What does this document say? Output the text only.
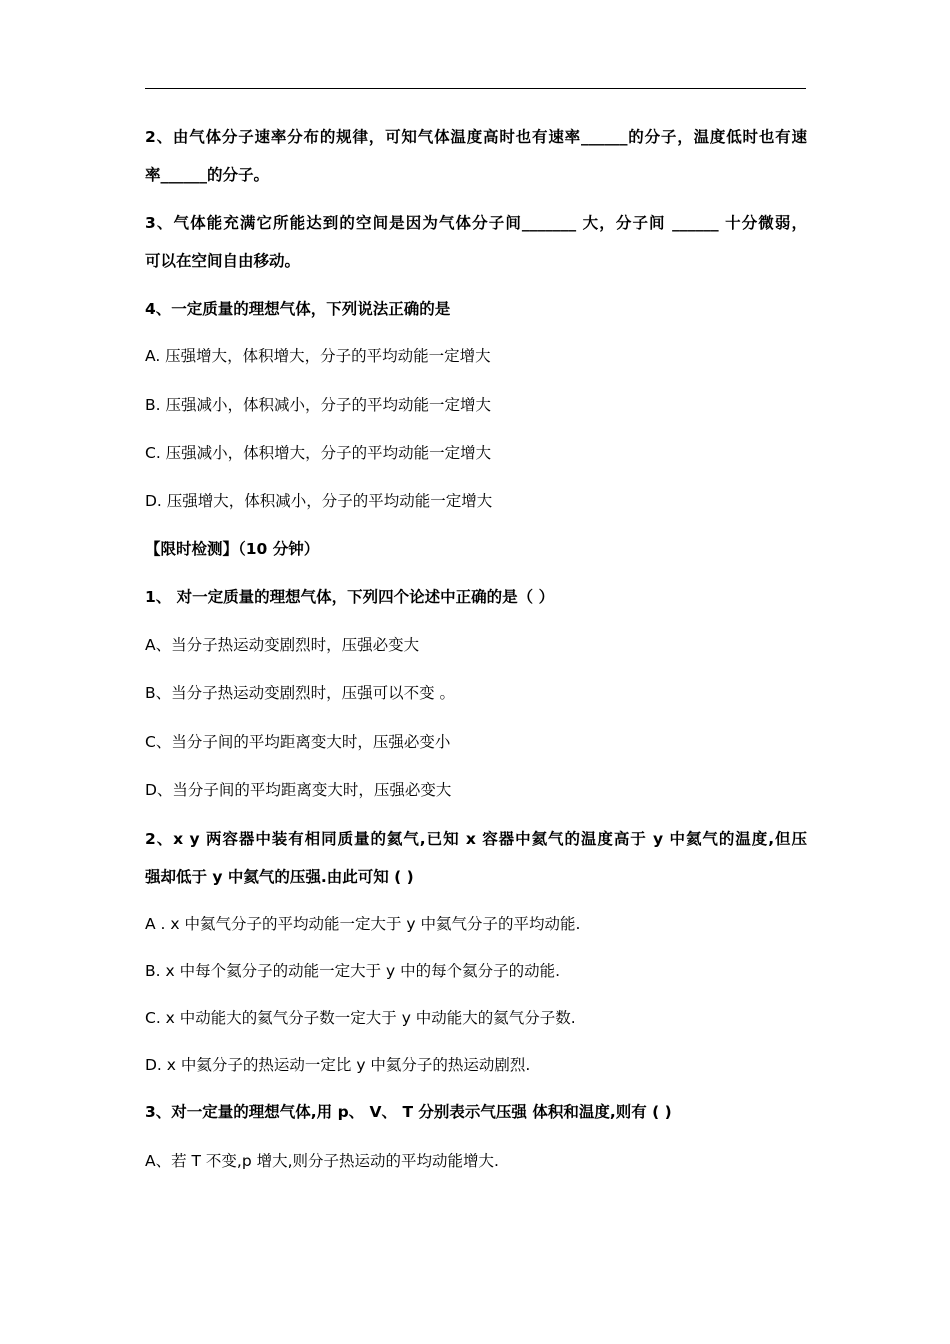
2、由气体分子速率分布的规律，可知气体温度高时也有速率______的分子，温度低时也有速
率______的分子。
3、气体能充满它所能达到的空间是因为气体分子间_______ 大，分子间 ______ 十分微弱，
可以在空间自由移动。
4、一定质量的理想气体，下列说法正确的是
A. 压强增大，体积增大，分子的平均动能一定增大
B. 压强减小，体积减小，分子的平均动能一定增大
C. 压强减小，体积增大，分子的平均动能一定增大
D. 压强增大，体积减小，分子的平均动能一定增大
【限时检测】（10 分钟）
1、 对一定质量的理想气体，下列四个论述中正确的是（ ）
A、当分子热运动变剧烈时，压强必变大
B、当分子热运动变剧烈时，压强可以不变 。
C、当分子间的平均距离变大时，压强必变小
D、当分子间的平均距离变大时，压强必变大
2、x y 两容器中装有相同质量的氦气,已知 x 容器中氦气的温度高于 y 中氦气的温度,但压
强却低于 y 中氦气的压强.由此可知 ( )
A . x 中氦气分子的平均动能一定大于 y 中氦气分子的平均动能.
B. x 中每个氦分子的动能一定大于 y 中的每个氦分子的动能.
C. x 中动能大的氦气分子数一定大于 y 中动能大的氦气分子数.
D. x 中氦分子的热运动一定比 y 中氦分子的热运动剧烈.
3、对一定量的理想气体,用 p、 V、 T 分别表示气压强 体积和温度,则有 ( )
A、若 T 不变,p 增大,则分子热运动的平均动能增大.
